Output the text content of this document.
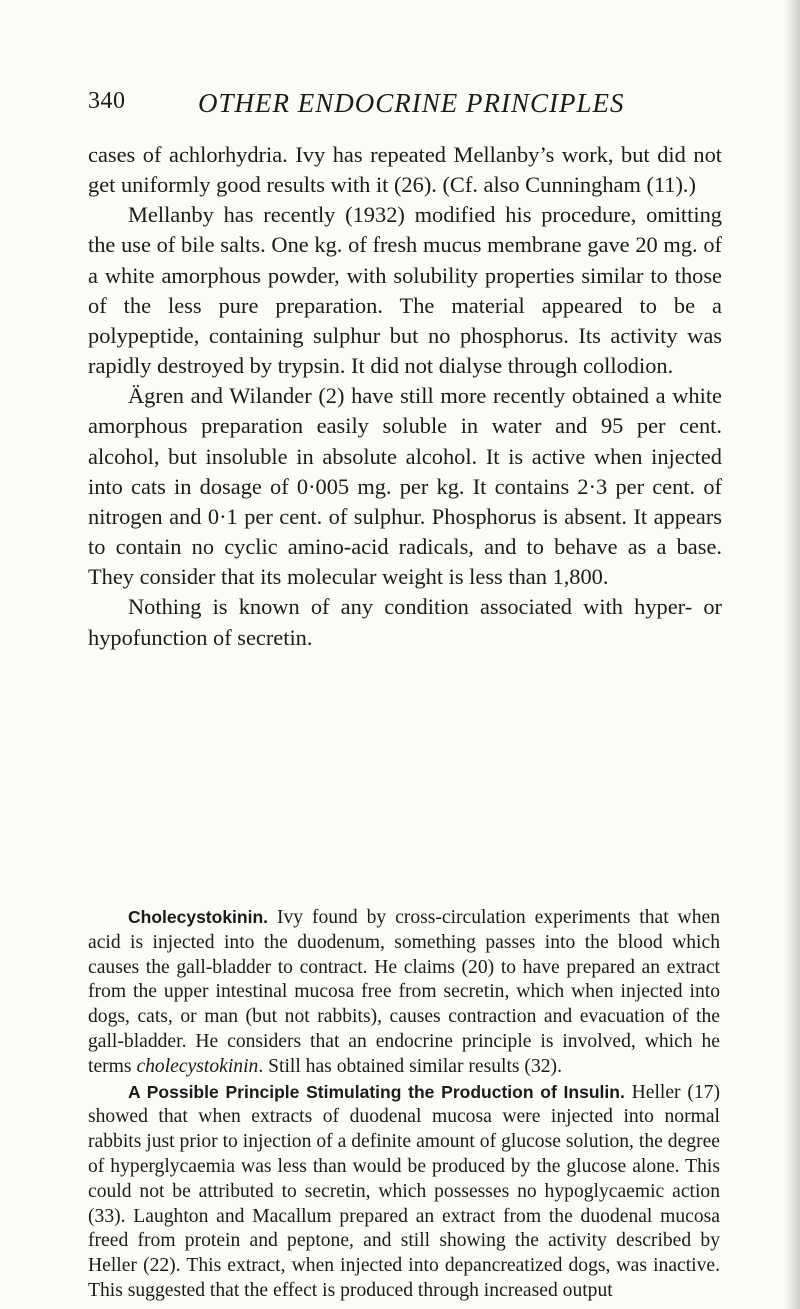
340	OTHER ENDOCRINE PRINCIPLES

cases of achlorhydria. Ivy has repeated Mellanby’s work, but did not get uniformly good results with it (26). (Cf. also Cunningham (11).)

Mellanby has recently (1932) modified his procedure, omitting the use of bile salts. One kg. of fresh mucus membrane gave 20 mg. of a white amorphous powder, with solubility properties similar to those of the less pure preparation. The material appeared to be a polypeptide, containing sulphur but no phosphorus. Its activity was rapidly destroyed by trypsin. It did not dialyse through collodion.

Ägren and Wilander (2) have still more recently obtained a white amorphous preparation easily soluble in water and 95 per cent. alcohol, but insoluble in absolute alcohol. It is active when injected into cats in dosage of 0·005 mg. per kg. It contains 2·3 per cent. of nitrogen and 0·1 per cent. of sulphur. Phosphorus is absent. It appears to contain no cyclic amino-acid radicals, and to behave as a base. They consider that its molecular weight is less than 1,800.

Nothing is known of any condition associated with hyper- or hypofunction of secretin.

Cholecystokinin. Ivy found by cross-circulation experiments that when acid is injected into the duodenum, something passes into the blood which causes the gall-bladder to contract. He claims (20) to have prepared an extract from the upper intestinal mucosa free from secretin, which when injected into dogs, cats, or man (but not rabbits), causes contraction and evacuation of the gall-bladder. He considers that an endocrine principle is involved, which he terms cholecystokinin. Still has obtained similar results (32).

A Possible Principle Stimulating the Production of Insulin. Heller (17) showed that when extracts of duodenal mucosa were injected into normal rabbits just prior to injection of a definite amount of glucose solution, the degree of hyperglycaemia was less than would be produced by the glucose alone. This could not be attributed to secretin, which possesses no hypoglycaemic action (33). Laughton and Macallum prepared an extract from the duodenal mucosa freed from protein and peptone, and still showing the activity described by Heller (22). This extract, when injected into depancreatized dogs, was inactive. This suggested that the effect is produced through increased output
